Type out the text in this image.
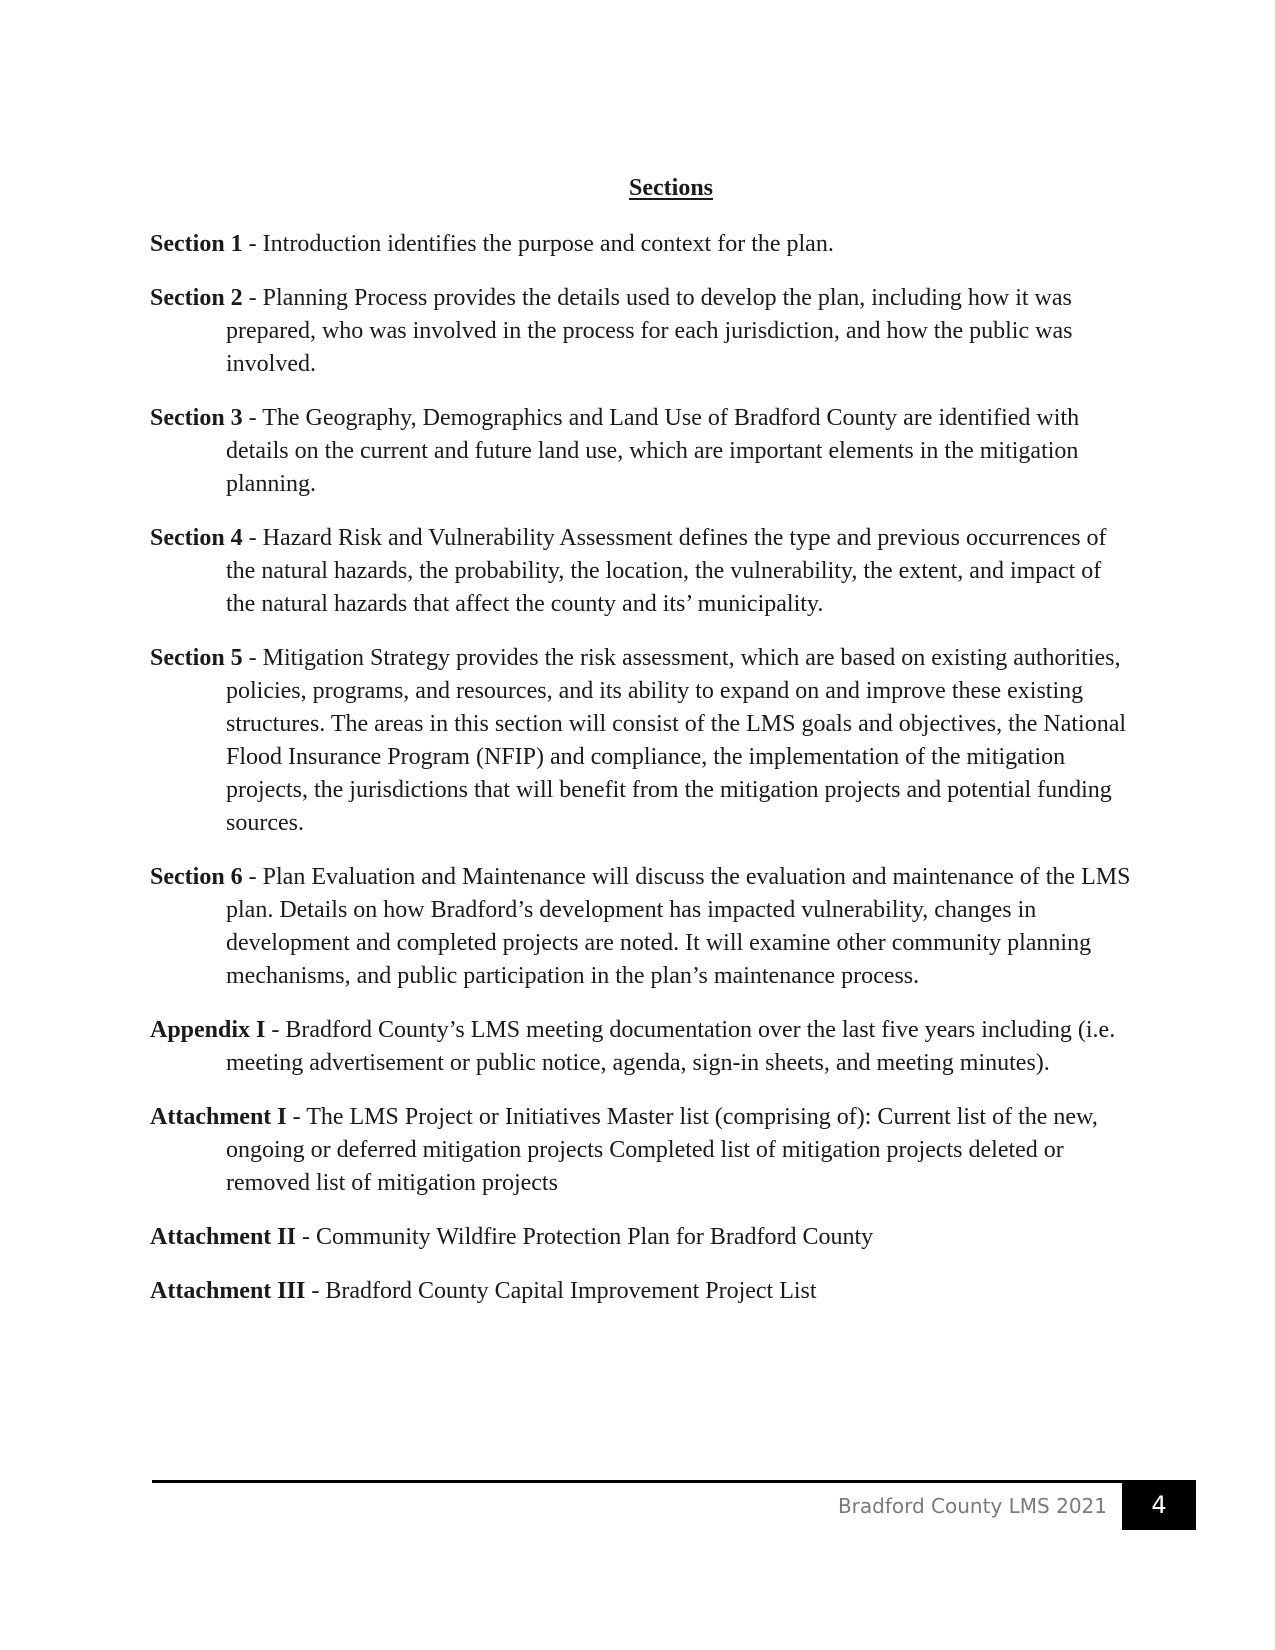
Sections

Section 1 - Introduction identifies the purpose and context for the plan.

Section 2 - Planning Process provides the details used to develop the plan, including how it was prepared, who was involved in the process for each jurisdiction, and how the public was involved.

Section 3 - The Geography, Demographics and Land Use of Bradford County are identified with details on the current and future land use, which are important elements in the mitigation planning.

Section 4 - Hazard Risk and Vulnerability Assessment defines the type and previous occurrences of the natural hazards, the probability, the location, the vulnerability, the extent, and impact of the natural hazards that affect the county and its’ municipality.

Section 5 - Mitigation Strategy provides the risk assessment, which are based on existing authorities, policies, programs, and resources, and its ability to expand on and improve these existing structures. The areas in this section will consist of the LMS goals and objectives, the National Flood Insurance Program (NFIP) and compliance, the implementation of the mitigation projects, the jurisdictions that will benefit from the mitigation projects and potential funding sources.

Section 6 - Plan Evaluation and Maintenance will discuss the evaluation and maintenance of the LMS plan. Details on how Bradford’s development has impacted vulnerability, changes in development and completed projects are noted. It will examine other community planning mechanisms, and public participation in the plan’s maintenance process.

Appendix I - Bradford County’s LMS meeting documentation over the last five years including (i.e. meeting advertisement or public notice, agenda, sign-in sheets, and meeting minutes).

Attachment I - The LMS Project or Initiatives Master list (comprising of): Current list of the new, ongoing or deferred mitigation projects Completed list of mitigation projects deleted or removed list of mitigation projects

Attachment II - Community Wildfire Protection Plan for Bradford County

Attachment III - Bradford County Capital Improvement Project List

Bradford County LMS 2021 4
